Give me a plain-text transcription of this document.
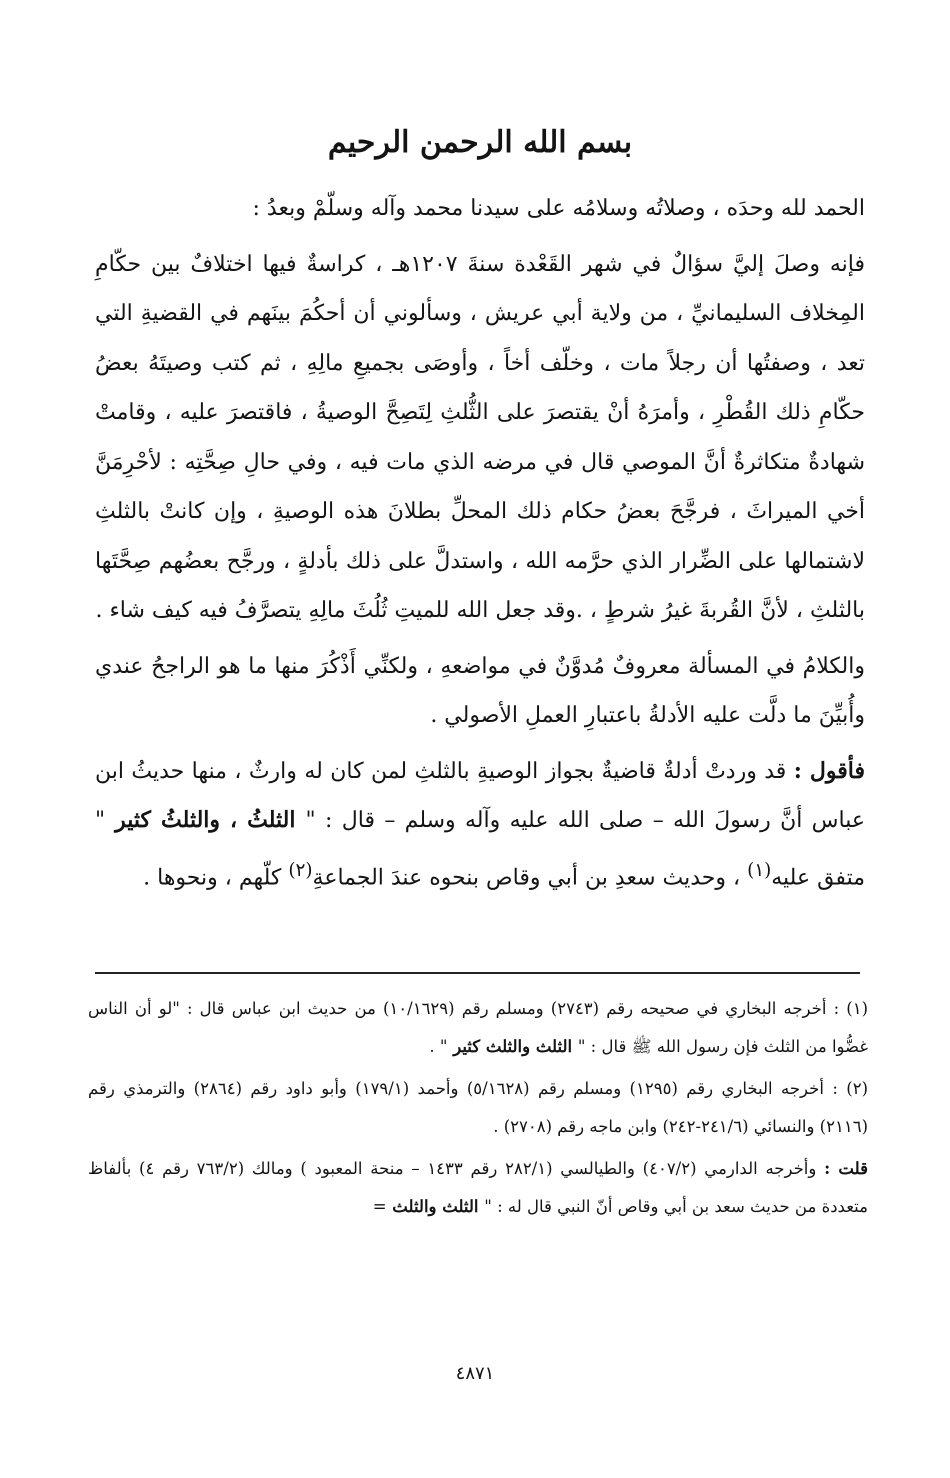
بسم الله الرحمن الرحيم

الحمد لله وحدَه ، وصلاتُه وسلامُه على سيدنا محمد وآله وسلّمْ وبعدُ :

فإنه وصلَ إليَّ سؤالٌ في شهر القَعْدة سنةَ ١٢٠٧هـ ، كراسةٌ فيها اختلافٌ بين حكّامِ المِخلاف السليمانيِّ ، من ولاية أبي عريش ، وسألوني أن أحكُمَ بينَهم في القضيةِ التي تعد ، وصفتُها أن رجلاً مات ، وخلّف أخاً ، وأوصَى بجميعِ مالِهِ ، ثم كتب وصيتَهُ بعضُ حكّامِ ذلك القُطْرِ ، وأمرَهُ أنْ يقتصرَ على الثُّلثِ لِتَصِحَّ الوصيةُ ، فاقتصرَ عليه ، وقامتْ شهادةٌ متكاثرةٌ أنَّ الموصي قال في مرضه الذي مات فيه ، وفي حالِ صِحَّتِه : لأحْرِمَنَّ أخي الميراثَ ، فرجَّحَ بعضُ حكام ذلك المحلِّ بطلانَ هذه الوصيةِ ، وإن كانتْ بالثلثِ لاشتمالها على الضِّرار الذي حرَّمه الله ، واستدلَّ على ذلك بأدلةٍ ، ورجَّح بعضُهم صِحَّتَها بالثلثِ ، لأنَّ القُربةَ غيرُ شرطٍ ، .وقد جعل الله للميتِ ثُلُثَ مالِهِ يتصرَّفُ فيه كيف شاء .

والكلامُ في المسألة معروفٌ مُدوَّنٌ في مواضعهِ ، ولكنِّي أَذْكُرَ منها ما هو الراجحُ عندي وأُبيِّنَ ما دلَّت عليه الأدلةُ باعتبارِ العملِ الأصولي .

فأقول : قد وردتْ أدلةٌ قاضيةٌ بجواز الوصيةِ بالثلثِ لمن كان له وارثٌ ، منها حديثُ ابن عباس أنَّ رسولَ الله – صلى الله عليه وآله وسلم – قال : " الثلثُ ، والثلثُ كثير " متفق عليه$^{(١)}$ ، وحديث سعدِ بن أبي وقاص بنحوه عندَ الجماعةِ$^{(٢)}$ كلّهم ، ونحوها .

(١) : أخرجه البخاري في صحيحه رقم (٢٧٤٣) ومسلم رقم (١٠/١٦٢٩) من حديث ابن عباس قال : "لو أن الناس غضُّوا من الثلث فإن رسول الله ﷺ قال : " الثلث والثلث كثير " .

(٢) : أخرجه البخاري رقم (١٢٩٥) ومسلم رقم (٥/١٦٢٨) وأحمد (١٧٩/١) وأبو داود رقم (٢٨٦٤) والترمذي رقم (٢١١٦) والنسائي (٢٤١/٦-٢٤٢) وابن ماجه رقم (٢٧٠٨) .

قلت : وأخرجه الدارمي (٤٠٧/٢) والطيالسي (٢٨٢/١ رقم ١٤٣٣ – منحة المعبود ) ومالك (٧٦٣/٢ رقم ٤) بألفاظ متعددة من حديث سعد بن أبي وقاص أنّ النبي قال له : " الثلث والثلث =

٤٨٧١
